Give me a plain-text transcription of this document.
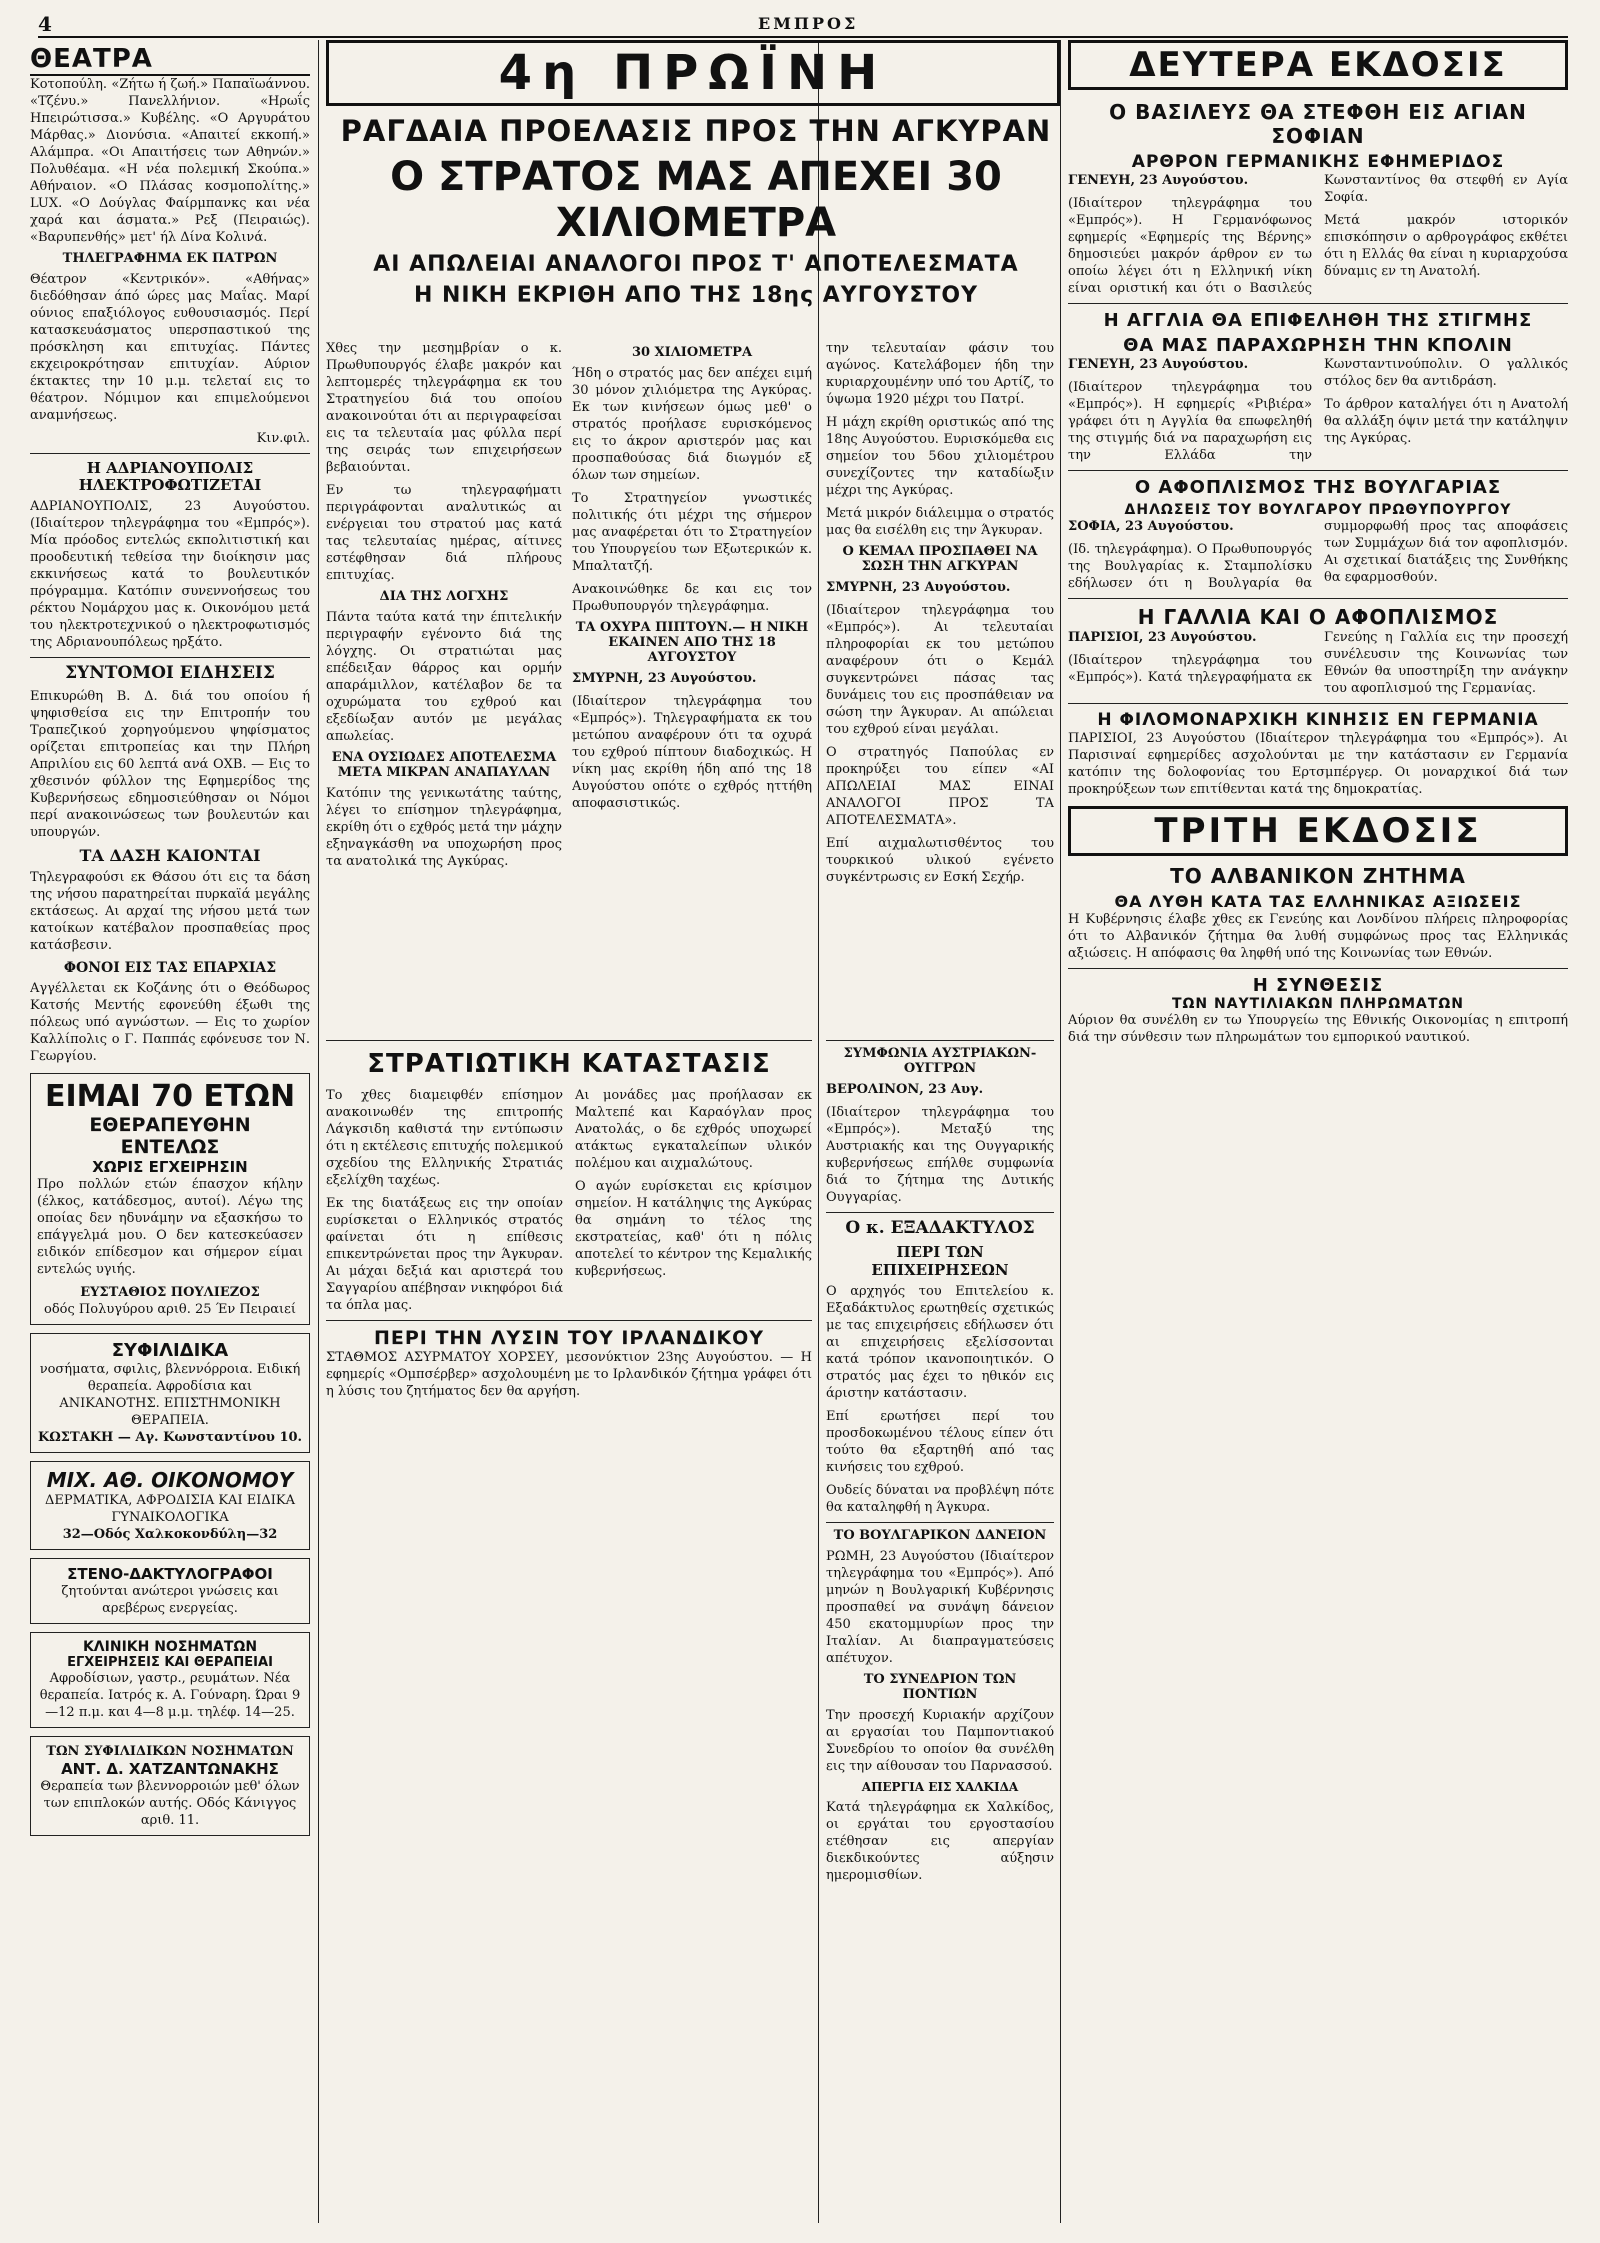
4	ΕΜΠΡΟΣ
ΘΕΑΤΡΑ

Κοτοπούλη. «Ζήτω ή ζωή.» Παπαϊωάννου. «Τζένυ.» Πανελλήνιον. «Ηρωΐς Ηπειρώτισσα.» Κυβέλης. «Ο Αργυράτου Μάρθας.» Διονύσια. «Απαιτεί εκκοπή.» Αλάμπρα. «Οι Απαιτήσεις των Αθηνών.» Πολυθέαμα. «Η νέα πολεμική Σκούπα.» Αθήναιον. «Ο Πλάσας κοσμοπολίτης.» LUX. «Ο Δούγλας Φαίρμπανκς και νέα χαρά και άσματα.» Ρεξ (Πειραιώς). «Βαρυπενθής» μετ' ήλ Δίνα Κολινά.

ΤΗΛΕΓΡΑΦΗΜΑ ΕΚ ΠΑΤΡΩΝ

Θέατρον «Κεντρικόν». «Αθήνας» διεδόθησαν άπό ώρες μας Μαΐας. Μαρί ούνιος επαξιόλογος ευθουσιασμός. Περί κατασκευάσματος υπερσπαστικού της πρόσκληση και επιτυχίας. Πάντες εκχειροκρότησαν επιτυχίαν. Αύριον έκτακτες την 10 μ.μ. τελεταί εις το θέατρον. Νόμιμον και επιμελούμενοι αναμνήσεως.

Κιν.φιλ.

Η ΑΔΡΙΑΝΟΥΠΟΛΙΣ ΗΛΕΚΤΡΟΦΩΤΙΖΕΤΑΙ

ΑΔΡΙΑΝΟΥΠΟΛΙΣ, 23 Αυγούστου. (Ιδιαίτερον τηλεγράφημα του «Εμπρός»). Μία πρόοδος εντελώς εκπολιτιστική και προοδευτική τεθείσα την διοίκησιν μας εκκινήσεως κατά το βουλευτικόν πρόγραμμα. Κατόπιν συνεννοήσεως του ρέκτου Νομάρχου μας κ. Οικονόμου μετά του ηλεκτροτεχνικού ο ηλεκτροφωτισμός της Αδριανουπόλεως ηρξάτο.

ΣΥΝΤΟΜΟΙ ΕΙΔΗΣΕΙΣ

Επικυρώθη Β. Δ. διά του οποίου ή ψηφισθείσα εις την Επιτροπήν του Τραπεζικού χορηγούμενου ψηφίσματος ορίζεται επιτροπείας και την Πλήρη Απριλίου εις 60 λεπτά ανά ΟΧΒ. — Εις το χθεσινόν φύλλον της Εφημερίδος της Κυβερνήσεως εδημοσιεύθησαν οι Νόμοι περί ανακοινώσεως των βουλευτών και υπουργών.

ΤΑ ΔΑΣΗ ΚΑΙΟΝΤΑΙ

Τηλεγραφούσι εκ Θάσου ότι εις τα δάση της νήσου παρατηρείται πυρκαϊά μεγάλης εκτάσεως. Αι αρχαί της νήσου μετά των κατοίκων κατέβαλον προσπαθείας προς κατάσβεσιν.

ΦΟΝΟΙ ΕΙΣ ΤΑΣ ΕΠΑΡΧΙΑΣ

Αγγέλλεται εκ Κοζάνης ότι ο Θεόδωρος Κατσής Μεντής εφονεύθη έξωθι της πόλεως υπό αγνώστων. — Εις το χωρίον Καλλίπολις ο Γ. Παππάς εφόνευσε τον Ν. Γεωργίου.

ΕΙΜΑΙ 70 ΕΤΩΝ
ΕΘΕΡΑΠΕΥΘΗΝ ΕΝΤΕΛΩΣ
ΧΩΡΙΣ ΕΓΧΕΙΡΗΣΙΝ

Προ πολλών ετών έπασχον κήλην (έλκος, κατάδεσμος, αυτοί). Λέγω της οποίας δεν ηδυνάμην να εξασκήσω το επάγγελμά μου. Ο δεν κατεσκεύασεν ειδικόν επίδεσμον και σήμερον είμαι εντελώς υγιής.

ΕΥΣΤΑΘΙΟΣ ΠΟΥΛΙΕΖΟΣ
οδός Πολυγύρου αριθ. 25 Έν Πειραιεί
ΣΥΦΙΛΙΔΙΚΑ
νοσήματα, σφιλις, βλεννόρροια. Ειδική θεραπεία. Αφροδίσια και ΑΝΙΚΑΝΟΤΗΣ. ΕΠΙΣΤΗΜΟΝΙΚΗ ΘΕΡΑΠΕΙΑ.
ΚΩΣΤΑΚΗ — Αγ. Κωνσταντίνου 10.
ΜΙΧ. ΑΘ. ΟΙΚΟΝΟΜΟΥ
ΔΕΡΜΑΤΙΚΑ, ΑΦΡΟΔΙΣΙΑ ΚΑΙ ΕΙΔΙΚΑ ΓΥΝΑΙΚΟΛΟΓΙΚΑ
32—Οδός Χαλκοκονδύλη—32
ΣΤΕΝΟ-ΔΑΚΤΥΛΟΓΡΑΦΟΙ
ζητούνται ανώτεροι γνώσεις και αρεβέρως ενεργείας.
ΚΛΙΝΙΚΗ ΝΟΣΗΜΑΤΩΝ
ΕΓΧΕΙΡΗΣΕΙΣ ΚΑΙ ΘΕΡΑΠΕΙΑΙ
Αφροδίσιων, γαστρ., ρευμάτων. Νέα θεραπεία. Ιατρός κ. Α. Γούναρη. Ώραι 9—12 π.μ. και 4—8 μ.μ. τηλέφ. 14—25.
ΤΩΝ ΣΥΦΙΛΙΔΙΚΩΝ ΝΟΣΗΜΑΤΩΝ
ΑΝΤ. Δ. ΧΑΤΖΑΝΤΩΝΑΚΗΣ
Θεραπεία των βλεννορροιών μεθ' όλων των επιπλοκών αυτής. Οδός Κάνιγγος αριθ. 11.
4η ΠΡΩΪΝΗ
ΡΑΓΔΑΙΑ ΠΡΟΕΛΑΣΙΣ ΠΡΟΣ ΤΗΝ ΑΓΚΥΡΑΝ
Ο ΣΤΡΑΤΟΣ ΜΑΣ ΑΠΕΧΕΙ 30 ΧΙΛΙΟΜΕΤΡΑ
ΑΙ ΑΠΩΛΕΙΑΙ ΑΝΑΛΟΓΟΙ ΠΡΟΣ Τ' ΑΠΟΤΕΛΕΣΜΑΤΑ
Η ΝΙΚΗ ΕΚΡΙΘΗ ΑΠΟ ΤΗΣ 18ης ΑΥΓΟΥΣΤΟΥ

Χθες την μεσημβρίαν ο κ. Πρωθυπουργός έλαβε μακρόν και λεπτομερές τηλεγράφημα εκ του Στρατηγείου διά του οποίου ανακοινούται ότι αι περιγραφείσαι εις τα τελευταία μας φύλλα περί της σειράς των επιχειρήσεων βεβαιούνται.

Εν τω τηλεγραφήματι περιγράφονται αναλυτικώς αι ενέργειαι του στρατού μας κατά τας τελευταίας ημέρας, αίτινες εστέφθησαν διά πλήρους επιτυχίας.

ΔΙΑ ΤΗΣ ΛΟΓΧΗΣ

Πάντα ταύτα κατά την έπιτελικήν περιγραφήν εγένοντο διά της λόγχης. Οι στρατιώται μας επέδειξαν θάρρος και ορμήν απαράμιλλον, κατέλαβον δε τα οχυρώματα του εχθρού και εξεδίωξαν αυτόν με μεγάλας απωλείας.

ΕΝΑ ΟΥΣΙΩΔΕΣ ΑΠΟΤΕΛΕΣΜΑ ΜΕΤΑ ΜΙΚΡΑΝ ΑΝΑΠΑΥΛΑΝ

Κατόπιν της γενικωτάτης ταύτης, λέγει το επίσημον τηλεγράφημα, εκρίθη ότι ο εχθρός μετά την μάχην εξηναγκάσθη να υποχωρήση προς τα ανατολικά της Αγκύρας.

30 ΧΙΛΙΟΜΕΤΡΑ

Ήδη ο στρατός μας δεν απέχει ειμή 30 μόνον χιλιόμετρα της Αγκύρας. Εκ των κινήσεων όμως μεθ' ο στρατός προήλασε ευρισκόμενος εις το άκρον αριστερόν μας και προσπαθούσας διά διωγμόν εξ όλων των σημείων.

Το Στρατηγείον γνωστικές πολιτικής ότι μέχρι της σήμερον μας αναφέρεται ότι το Στρατηγείον του Υπουργείου των Εξωτερικών κ. Μπαλτατζή.

Ανακοινώθηκε δε και εις τον Πρωθυπουργόν τηλεγράφημα.

ΤΑ ΟΧΥΡΑ ΠΙΠΤΟΥΝ.— Η ΝΙΚΗ ΕΚΑΙΝΕΝ ΑΠΟ ΤΗΣ 18 ΑΥΓΟΥΣΤΟΥ

ΣΜΥΡΝΗ, 23 Αυγούστου.

(Ιδιαίτερον τηλεγράφημα του «Εμπρός»). Τηλεγραφήματα εκ του μετώπου αναφέρουν ότι τα οχυρά του εχθρού πίπτουν διαδοχικώς. Η νίκη μας εκρίθη ήδη από της 18 Αυγούστου οπότε ο εχθρός ηττήθη αποφασιστικώς.

την τελευταίαν φάσιν του αγώνος. Κατελάβομεν ήδη την κυριαρχουμένην υπό του Αρτίζ, το ύψωμα 1920 μέχρι του Πατρί.

Η μάχη εκρίθη οριστικώς από της 18ης Αυγούστου. Ευρισκόμεθα εις σημείον του 56ου χιλιομέτρου συνεχίζοντες την καταδίωξιν μέχρι της Αγκύρας.

Μετά μικρόν διάλειμμα ο στρατός μας θα εισέλθη εις την Άγκυραν.

Ο ΚΕΜΑΛ ΠΡΟΣΠΑΘΕΙ ΝΑ ΣΩΣΗ ΤΗΝ ΑΓΚΥΡΑΝ

ΣΜΥΡΝΗ, 23 Αυγούστου.

(Ιδιαίτερον τηλεγράφημα του «Εμπρός»). Αι τελευταίαι πληροφορίαι εκ του μετώπου αναφέρουν ότι ο Κεμάλ συγκεντρώνει πάσας τας δυνάμεις του εις προσπάθειαν να σώση την Άγκυραν. Αι απώλειαι του εχθρού είναι μεγάλαι.

Ο στρατηγός Παπούλας εν προκηρύξει του είπεν «ΑΙ ΑΠΩΛΕΙΑΙ ΜΑΣ ΕΙΝΑΙ ΑΝΑΛΟΓΟΙ ΠΡΟΣ ΤΑ ΑΠΟΤΕΛΕΣΜΑΤΑ».

Επί αιχμαλωτισθέντος του τουρκικού υλικού εγένετο συγκέντρωσις εν Εσκή Σεχήρ.

ΣΤΡΑΤΙΩΤΙΚΗ ΚΑΤΑΣΤΑΣΙΣ

Το χθες διαμειφθέν επίσημον ανακοινωθέν της επιτροπής Λάγκσιδη καθιστά την εντύπωσιν ότι η εκτέλεσις επιτυχής πολεμικού σχεδίου της Ελληνικής Στρατιάς εξελίχθη ταχέως.

Εκ της διατάξεως εις την οποίαν ευρίσκεται ο Ελληνικός στρατός φαίνεται ότι η επίθεσις επικεντρώνεται προς την Άγκυραν. Αι μάχαι δεξιά και αριστερά του Σαγγαρίου απέβησαν νικηφόροι διά τα όπλα μας.

Αι μονάδες μας προήλασαν εκ Μαλτεπέ και Καραόγλαν προς Ανατολάς, ο δε εχθρός υποχωρεί ατάκτως εγκαταλείπων υλικόν πολέμου και αιχμαλώτους.

Ο αγών ευρίσκεται εις κρίσιμον σημείον. Η κατάληψις της Αγκύρας θα σημάνη το τέλος της εκστρατείας, καθ' ότι η πόλις αποτελεί το κέντρον της Κεμαλικής κυβερνήσεως.

ΠΕΡΙ ΤΗΝ ΛΥΣΙΝ ΤΟΥ ΙΡΛΑΝΔΙΚΟΥ

ΣΤΑΘΜΟΣ ΑΣΥΡΜΑΤΟΥ ΧΟΡΣΕΥ, μεσονύκτιον 23ης Αυγούστου. — Η εφημερίς «Ομπσέρβερ» ασχολουμένη με το Ιρλανδικόν ζήτημα γράφει ότι η λύσις του ζητήματος δεν θα αργήση.

ΣΥΜΦΩΝΙΑ ΑΥΣΤΡΙΑΚΩΝ-ΟΥΓΓΡΩΝ

ΒΕΡΟΛΙΝΟΝ, 23 Αυγ.

(Ιδιαίτερον τηλεγράφημα του «Εμπρός»). Μεταξύ της Αυστριακής και της Ουγγαρικής κυβερνήσεως επήλθε συμφωνία διά το ζήτημα της Δυτικής Ουγγαρίας.

Ο κ. ΕΞΑΔΑΚΤΥΛΟΣ
ΠΕΡΙ ΤΩΝ ΕΠΙΧΕΙΡΗΣΕΩΝ

Ο αρχηγός του Επιτελείου κ. Εξαδάκτυλος ερωτηθείς σχετικώς με τας επιχειρήσεις εδήλωσεν ότι αι επιχειρήσεις εξελίσσονται κατά τρόπον ικανοποιητικόν. Ο στρατός μας έχει το ηθικόν εις άριστην κατάστασιν.

Επί ερωτήσει περί του προσδοκωμένου τέλους είπεν ότι τούτο θα εξαρτηθή από τας κινήσεις του εχθρού.

Ουδείς δύναται να προβλέψη πότε θα καταληφθή η Άγκυρα.

ΤΟ ΒΟΥΛΓΑΡΙΚΟΝ ΔΑΝΕΙΟΝ

ΡΩΜΗ, 23 Αυγούστου (Ιδιαίτερον τηλεγράφημα του «Εμπρός»). Από μηνών η Βουλγαρική Κυβέρνησις προσπαθεί να συνάψη δάνειον 450 εκατομμυρίων προς την Ιταλίαν. Αι διαπραγματεύσεις απέτυχον.

ΤΟ ΣΥΝΕΔΡΙΟΝ ΤΩΝ ΠΟΝΤΙΩΝ

Την προσεχή Κυριακήν αρχίζουν αι εργασίαι του Παμποντιακού Συνεδρίου το οποίον θα συνέλθη εις την αίθουσαν του Παρνασσού.

ΑΠΕΡΓΙΑ ΕΙΣ ΧΑΛΚΙΔΑ

Κατά τηλεγράφημα εκ Χαλκίδος, οι εργάται του εργοστασίου ετέθησαν εις απεργίαν διεκδικούντες αύξησιν ημερομισθίων.

ΔΕΥΤΕΡΑ ΕΚΔΟΣΙΣ
Ο ΒΑΣΙΛΕΥΣ ΘΑ ΣΤΕΦΘΗ ΕΙΣ ΑΓΙΑΝ ΣΟΦΙΑΝ
ΑΡΘΡΟΝ ΓΕΡΜΑΝΙΚΗΣ ΕΦΗΜΕΡΙΔΟΣ

ΓΕΝΕΥΗ, 23 Αυγούστου.

(Ιδιαίτερον τηλεγράφημα του «Εμπρός»). Η Γερμανόφωνος εφημερίς «Εφημερίς της Βέρνης» δημοσιεύει μακρόν άρθρον εν τω οποίω λέγει ότι η Ελληνική νίκη είναι οριστική και ότι ο Βασιλεύς Κωνσταντίνος θα στεφθή εν Αγία Σοφία.

Μετά μακρόν ιστορικόν επισκόπησιν ο αρθρογράφος εκθέτει ότι η Ελλάς θα είναι η κυριαρχούσα δύναμις εν τη Ανατολή.

Η ΑΓΓΛΙΑ ΘΑ ΕΠΙΦΕΛΗΘΗ ΤΗΣ ΣΤΙΓΜΗΣ
ΘΑ ΜΑΣ ΠΑΡΑΧΩΡΗΣΗ ΤΗΝ ΚΠΟΛΙΝ

ΓΕΝΕΥΗ, 23 Αυγούστου.

(Ιδιαίτερον τηλεγράφημα του «Εμπρός»). Η εφημερίς «Ριβιέρα» γράφει ότι η Αγγλία θα επωφεληθή της στιγμής διά να παραχωρήση εις την Ελλάδα την Κωνσταντινούπολιν. Ο γαλλικός στόλος δεν θα αντιδράση.

Το άρθρον καταλήγει ότι η Ανατολή θα αλλάξη όψιν μετά την κατάληψιν της Αγκύρας.

Ο ΑΦΟΠΛΙΣΜΟΣ ΤΗΣ ΒΟΥΛΓΑΡΙΑΣ
ΔΗΛΩΣΕΙΣ ΤΟΥ ΒΟΥΛΓΑΡΟΥ ΠΡΩΘΥΠΟΥΡΓΟΥ

ΣΟΦΙΑ, 23 Αυγούστου.

(Ιδ. τηλεγράφημα). Ο Πρωθυπουργός της Βουλγαρίας κ. Σταμπολίσκυ εδήλωσεν ότι η Βουλγαρία θα συμμορφωθή προς τας αποφάσεις των Συμμάχων διά τον αφοπλισμόν. Αι σχετικαί διατάξεις της Συνθήκης θα εφαρμοσθούν.

Η ΓΑΛΛΙΑ ΚΑΙ Ο ΑΦΟΠΛΙΣΜΟΣ

ΠΑΡΙΣΙΟΙ, 23 Αυγούστου.

(Ιδιαίτερον τηλεγράφημα του «Εμπρός»). Κατά τηλεγραφήματα εκ Γενεύης η Γαλλία εις την προσεχή συνέλευσιν της Κοινωνίας των Εθνών θα υποστηρίξη την ανάγκην του αφοπλισμού της Γερμανίας.

Η ΦΙΛΟΜΟΝΑΡΧΙΚΗ ΚΙΝΗΣΙΣ ΕΝ ΓΕΡΜΑΝΙΑ

ΠΑΡΙΣΙΟΙ, 23 Αυγούστου (Ιδιαίτερον τηλεγράφημα του «Εμπρός»). Αι Παρισιναί εφημερίδες ασχολούνται με την κατάστασιν εν Γερμανία κατόπιν της δολοφονίας του Ερτσμπέργερ. Οι μοναρχικοί διά των προκηρύξεων των επιτίθενται κατά της δημοκρατίας.

ΤΡΙΤΗ ΕΚΔΟΣΙΣ
ΤΟ ΑΛΒΑΝΙΚΟΝ ΖΗΤΗΜΑ
ΘΑ ΛΥΘΗ ΚΑΤΑ ΤΑΣ ΕΛΛΗΝΙΚΑΣ ΑΞΙΩΣΕΙΣ

Η Κυβέρνησις έλαβε χθες εκ Γενεύης και Λονδίνου πλήρεις πληροφορίας ότι το Αλβανικόν ζήτημα θα λυθή συμφώνως προς τας Ελληνικάς αξιώσεις. Η απόφασις θα ληφθή υπό της Κοινωνίας των Εθνών.

Η ΣΥΝΘΕΣΙΣ
ΤΩΝ ΝΑΥΤΙΛΙΑΚΩΝ ΠΛΗΡΩΜΑΤΩΝ

Αύριον θα συνέλθη εν τω Υπουργείω της Εθνικής Οικονομίας η επιτροπή διά την σύνθεσιν των πληρωμάτων του εμπορικού ναυτικού.
